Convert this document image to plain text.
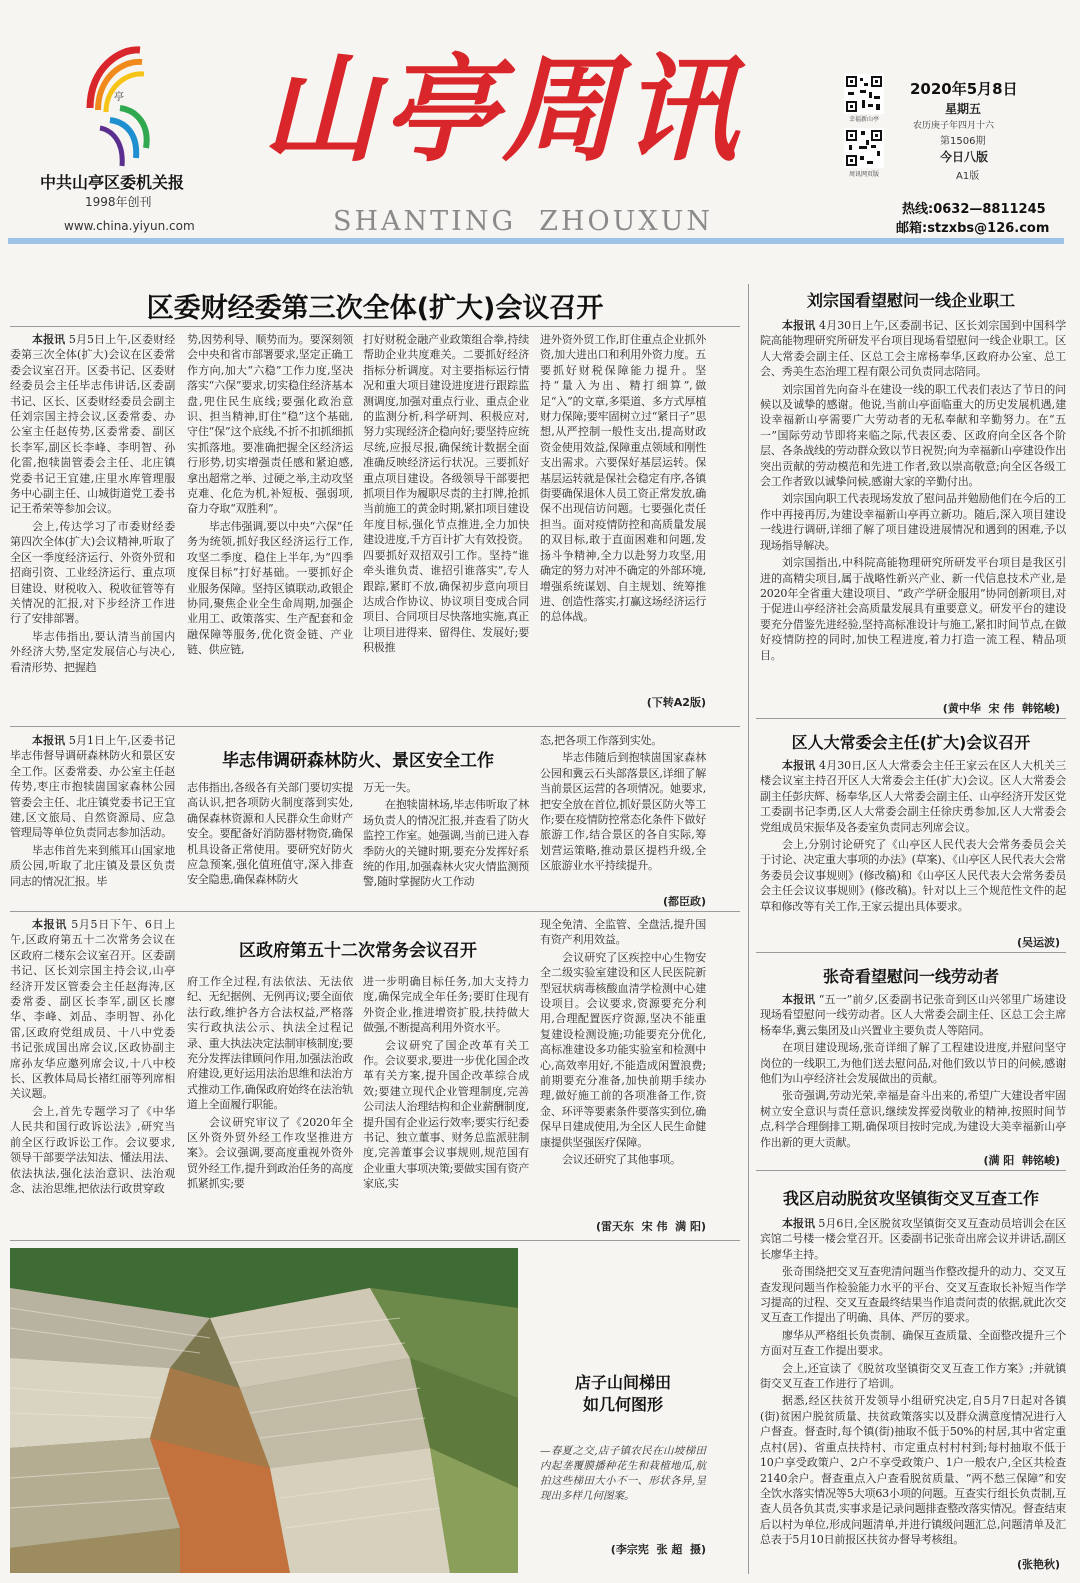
亭
中共山亭区委机关报
1998年创刊
www.china.yiyun.com
山亭周讯
SHANTING  ZHOUXUN
幸福新山亭
周讯网页版
2020年5月8日
星期五
农历庚子年四月十六
第1506期
今日八版
A1版
热线:0632—8811245
邮箱:stzxbs@126.com
区委财经委第三次全体(扩大)会议召开

本报讯 5月5日上午,区委财经委第三次全体(扩大)会议在区委常委会议室召开。区委书记、区委财经委员会主任毕志伟讲话,区委副书记、区长、区委财经委员会副主任刘宗国主持会议,区委常委、办公室主任赵传势,区委常委、副区长李军,副区长李峰、李明智、孙化雷,抱犊崮管委会主任、北庄镇党委书记王宜建,庄里水库管理服务中心副主任、山城街道党工委书记王希荣等参加会议。

会上,传达学习了市委财经委第四次全体(扩大)会议精神,听取了全区一季度经济运行、外资外贸和招商引资、工业经济运行、重点项目建设、财税收入、税收征管等有关情况的汇报,对下步经济工作进行了安排部署。

毕志伟指出,要认清当前国内外经济大势,坚定发展信心与决心,看清形势、把握趋

势,因势利导、顺势而为。要深刻领会中央和省市部署要求,坚定正确工作方向,加大“六稳”工作力度,坚决落实“六保”要求,切实稳住经济基本盘,兜住民生底线;要强化政治意识、担当精神,盯住“稳”这个基础,守住“保”这个底线,不折不扣抓细抓实抓落地。要准确把握全区经济运行形势,切实增强责任感和紧迫感,拿出超常之举、过硬之举,主动攻坚克难、化危为机,补短板、强弱项,奋力夺取“双胜利”。

毕志伟强调,要以中央“六保”任务为统领,抓好我区经济运行工作,攻坚二季度、稳住上半年,为“四季度保目标”打好基础。一要抓好企业服务保障。坚持区镇联动,政银企协同,聚焦企业全生命周期,加强企业用工、政策落实、生产配套和金融保障等服务,优化资金链、产业链、供应链,

打好财税金融产业政策组合拳,持续帮助企业共度难关。二要抓好经济指标分析调度。对主要指标运行情况和重大项目建设进度进行跟踪监测调度,加强对重点行业、重点企业的监测分析,科学研判、积极应对,努力实现经济企稳向好;要坚持应统尽统,应报尽报,确保统计数据全面准确反映经济运行状况。三要抓好重点项目建设。各级领导干部要把抓项目作为履职尽责的主打牌,抢抓当前施工的黄金时期,紧扣项目建设年度目标,强化节点推进,全力加快建设进度,千方百计扩大有效投资。四要抓好双招双引工作。坚持“谁牵头谁负责、谁招引谁落实”,专人跟踪,紧盯不放,确保初步意向项目达成合作协议、协议项目变成合同项目、合同项目尽快落地实施,真正让项目进得来、留得住、发展好;要积极推

进外资外贸工作,盯住重点企业抓外资,加大进出口和利用外资力度。五要抓好财税保障能力提升。坚持“量入为出、精打细算”,做足“入”的文章,多渠道、多方式厚植财力保障;要牢固树立过“紧日子”思想,从严控制一般性支出,提高财政资金使用效益,保障重点领域和刚性支出需求。六要保好基层运转。保基层运转就是保社会稳定有序,各镇街要确保退休人员工资正常发放,确保不出现信访问题。七要强化责任担当。面对疫情防控和高质量发展的双目标,敢于直面困难和问题,发扬斗争精神,全力以赴努力攻坚,用确定的努力对冲不确定的外部环境,增强系统谋划、自主规划、统筹推进、创造性落实,打赢这场经济运行的总体战。

(下转A2版)

本报讯 5月1日上午,区委书记毕志伟督导调研森林防火和景区安全工作。区委常委、办公室主任赵传势,枣庄市抱犊崮国家森林公园管委会主任、北庄镇党委书记王宜建,区文旅局、自然资源局、应急管理局等单位负责同志参加活动。

毕志伟首先来到熊耳山国家地质公园,听取了北庄镇及景区负责同志的情况汇报。毕

毕志伟调研森林防火、景区安全工作

志伟指出,各级各有关部门要切实提高认识,把各项防火制度落到实处,确保森林资源和人民群众生命财产安全。要配备好消防器材物资,确保机具设备正常使用。要研究好防火应急预案,强化值班值守,深入排查安全隐患,确保森林防火

万无一失。

在抱犊崮林场,毕志伟听取了林场负责人的情况汇报,并查看了防火监控工作室。她强调,当前已进入春季防火的关键时期,要充分发挥好系统的作用,加强森林火灾火情监测预警,随时掌握防火工作动

态,把各项工作落到实处。

毕志伟随后到抱犊崮国家森林公园和冀云石头部落景区,详细了解当前景区运营的各项情况。她要求,把安全放在首位,抓好景区防火等工作;要在疫情防控常态化条件下做好旅游工作,结合景区的各自实际,筹划营运策略,推动景区提档升级,全区旅游业水平持续提升。

(都臣政)

本报讯 5月5日下午、6日上午,区政府第五十二次常务会议在区政府二楼东会议室召开。区委副书记、区长刘宗国主持会议,山亭经济开发区管委会主任赵海涛,区委常委、副区长李军,副区长廖华、李峰、刘品、李明智、孙化雷,区政府党组成员、十八中党委书记张成国出席会议,区政协副主席孙友华应邀列席会议,十八中校长、区教体局局长褚红丽等列席相关议题。

会上,首先专题学习了《中华人民共和国行政诉讼法》,研究当前全区行政诉讼工作。会议要求,领导干部要学法知法、懂法用法、依法执法,强化法治意识、法治观念、法治思维,把依法行政贯穿政

区政府第五十二次常务会议召开

府工作全过程,有法依法、无法依纪、无纪据例、无例再议;要全面依法行政,维护各方合法权益,严格落实行政执法公示、执法全过程记录、重大执法决定法制审核制度;要充分发挥法律顾问作用,加强法治政府建设,更好运用法治思维和法治方式推动工作,确保政府始终在法治轨道上全面履行职能。

会议研究审议了《2020年全区外资外贸外经工作攻坚推进方案》。会议强调,要高度重视外资外贸外经工作,提升到政治任务的高度抓紧抓实;要

进一步明确目标任务,加大支持力度,确保完成全年任务;要盯住现有外资企业,推进增资扩股,扶持做大做强,不断提高利用外资水平。

会议研究了国企改革有关工作。会议要求,要进一步优化国企改革有关方案,提升国企改革综合成效;要建立现代企业管理制度,完善公司法人治理结构和企业薪酬制度,提升国有企业运行效率;要实行纪委书记、独立董事、财务总监派驻制度,完善董事会议事规则,规范国有企业重大事项决策;要做实国有资产家底,实

现全免清、全监管、全盘活,提升国有资产利用效益。

会议研究了区疾控中心生物安全二级实验室建设和区人民医院新型冠状病毒核酸血清学检测中心建设项目。会议要求,资源要充分利用,合理配置医疗资源,坚决不能重复建设检测设施;功能要充分优化,高标准建设多功能实验室和检测中心,高效率用好,不能造成闲置浪费;前期要充分准备,加快前期手续办理,做好施工前的各项准备工作,资金、环评等要素条件要落实到位,确保早日建成使用,为全区人民生命健康提供坚强医疗保障。

会议还研究了其他事项。

(雷天东  宋 伟  满 阳)
店子山间梯田
如几何图形
—春夏之交,店子镇农民在山坡梯田内起垄覆膜播种花生和栽植地瓜,航拍这些梯田大小不一、形状各异,呈现出多样几何图案。
(李宗宪  张 超  摄)
刘宗国看望慰问一线企业职工

本报讯 4月30日上午,区委副书记、区长刘宗国到中国科学院高能物理研究所研发平台项目现场看望慰问一线企业职工。区人大常委会副主任、区总工会主席杨奉华,区政府办公室、总工会、秀美生态治理工程有限公司负责同志陪同。

刘宗国首先向奋斗在建设一线的职工代表们表达了节日的问候以及诚挚的感谢。他说,当前山亭面临重大的历史发展机遇,建设幸福新山亭需要广大劳动者的无私奉献和辛勤努力。在“五一”国际劳动节即将来临之际,代表区委、区政府向全区各个阶层、各条战线的劳动群众致以节日祝贺;向为幸福新山亭建设作出突出贡献的劳动模范和先进工作者,致以崇高敬意;向全区各级工会工作者致以诚挚问候,感谢大家的辛勤付出。

刘宗国向职工代表现场发放了慰问品并勉励他们在今后的工作中再接再厉,为建设幸福新山亭再立新功。随后,深入项目建设一线进行调研,详细了解了项目建设进展情况和遇到的困难,予以现场指导解决。

刘宗国指出,中科院高能物理研究所研发平台项目是我区引进的高精尖项目,属于战略性新兴产业、新一代信息技术产业,是2020年全省重大建设项目、“政产学研金服用”协同创新项目,对于促进山亭经济社会高质量发展具有重要意义。研发平台的建设要充分借鉴先进经验,坚持高标准设计与施工,紧扣时间节点,在做好疫情防控的同时,加快工程进度,着力打造一流工程、精品项目。

(黄中华  宋 伟  韩铭峻)
区人大常委会主任(扩大)会议召开

本报讯 4月30日,区人大常委会主任王家云在区人大机关三楼会议室主持召开区人大常委会主任(扩大)会议。区人大常委会副主任彭庆辉、杨奉华,区人大常委会副主任、山亭经济开发区党工委副书记李勇,区人大常委会副主任徐庆勇参加,区人大常委会党组成员宋振华及各委室负责同志列席会议。

会上,分别讨论研究了《山亭区人民代表大会常务委员会关于讨论、决定重大事项的办法》(草案)、《山亭区人民代表大会常务委员会议事规则》(修改稿)和《山亭区人民代表大会常务委员会主任会议议事规则》(修改稿)。针对以上三个规范性文件的起草和修改等有关工作,王家云提出具体要求。

(吴运波)
张奇看望慰问一线劳动者

本报讯 “五一”前夕,区委副书记张奇到区山兴邻里广场建设现场看望慰问一线劳动者。区人大常委会副主任、区总工会主席杨奉华,冀云集团及山兴置业主要负责人等陪同。

在项目建设现场,张奇详细了解了工程建设进度,并慰问坚守岗位的一线职工,为他们送去慰问品,对他们致以节日的问候,感谢他们为山亭经济社会发展做出的贡献。

张奇强调,劳动光荣,幸福是奋斗出来的,希望广大建设者牢固树立安全意识与责任意识,继续发挥爱岗敬业的精神,按照时间节点,科学合理倒排工期,确保项目按时完成,为建设大美幸福新山亭作出新的更大贡献。

(满 阳  韩铭峻)
我区启动脱贫攻坚镇街交叉互查工作

本报讯 5月6日,全区脱贫攻坚镇街交叉互查动员培训会在区宾馆二号楼一楼会堂召开。区委副书记张奇出席会议并讲话,副区长廖华主持。

张奇围绕把交叉互查兜清问题当作整改提升的动力、交叉互查发现问题当作检验能力水平的平台、交叉互查取长补短当作学习提高的过程、交叉互查最终结果当作追责问责的依据,就此次交叉互查工作提出了明确、具体、严厉的要求。

廖华从严格组长负责制、确保互查质量、全面整改提升三个方面对互查工作提出要求。

会上,还宣读了《脱贫攻坚镇街交叉互查工作方案》;并就镇街交叉互查工作进行了培训。

据悉,经区扶贫开发领导小组研究决定,自5月7日起对各镇(街)贫困户脱贫质量、扶贫政策落实以及群众满意度情况进行入户督查。督查时,每个镇(街)抽取不低于50%的村居,其中省定重点村(居)、省重点扶持村、市定重点村村村到;每村抽取不低于10户享受政策户、2户不享受政策户、1户一般农户,全区共检查2140余户。督查重点入户查看脱贫质量、“两不愁三保障”和安全饮水落实情况等5大项63小项的问题。互查实行组长负责制,互查人员各负其责,实事求是记录问题排查整改落实情况。督查结束后以村为单位,形成问题清单,并进行镇级问题汇总,问题清单及汇总表于5月10日前报区扶贫办督导考核组。

(张艳秋)
